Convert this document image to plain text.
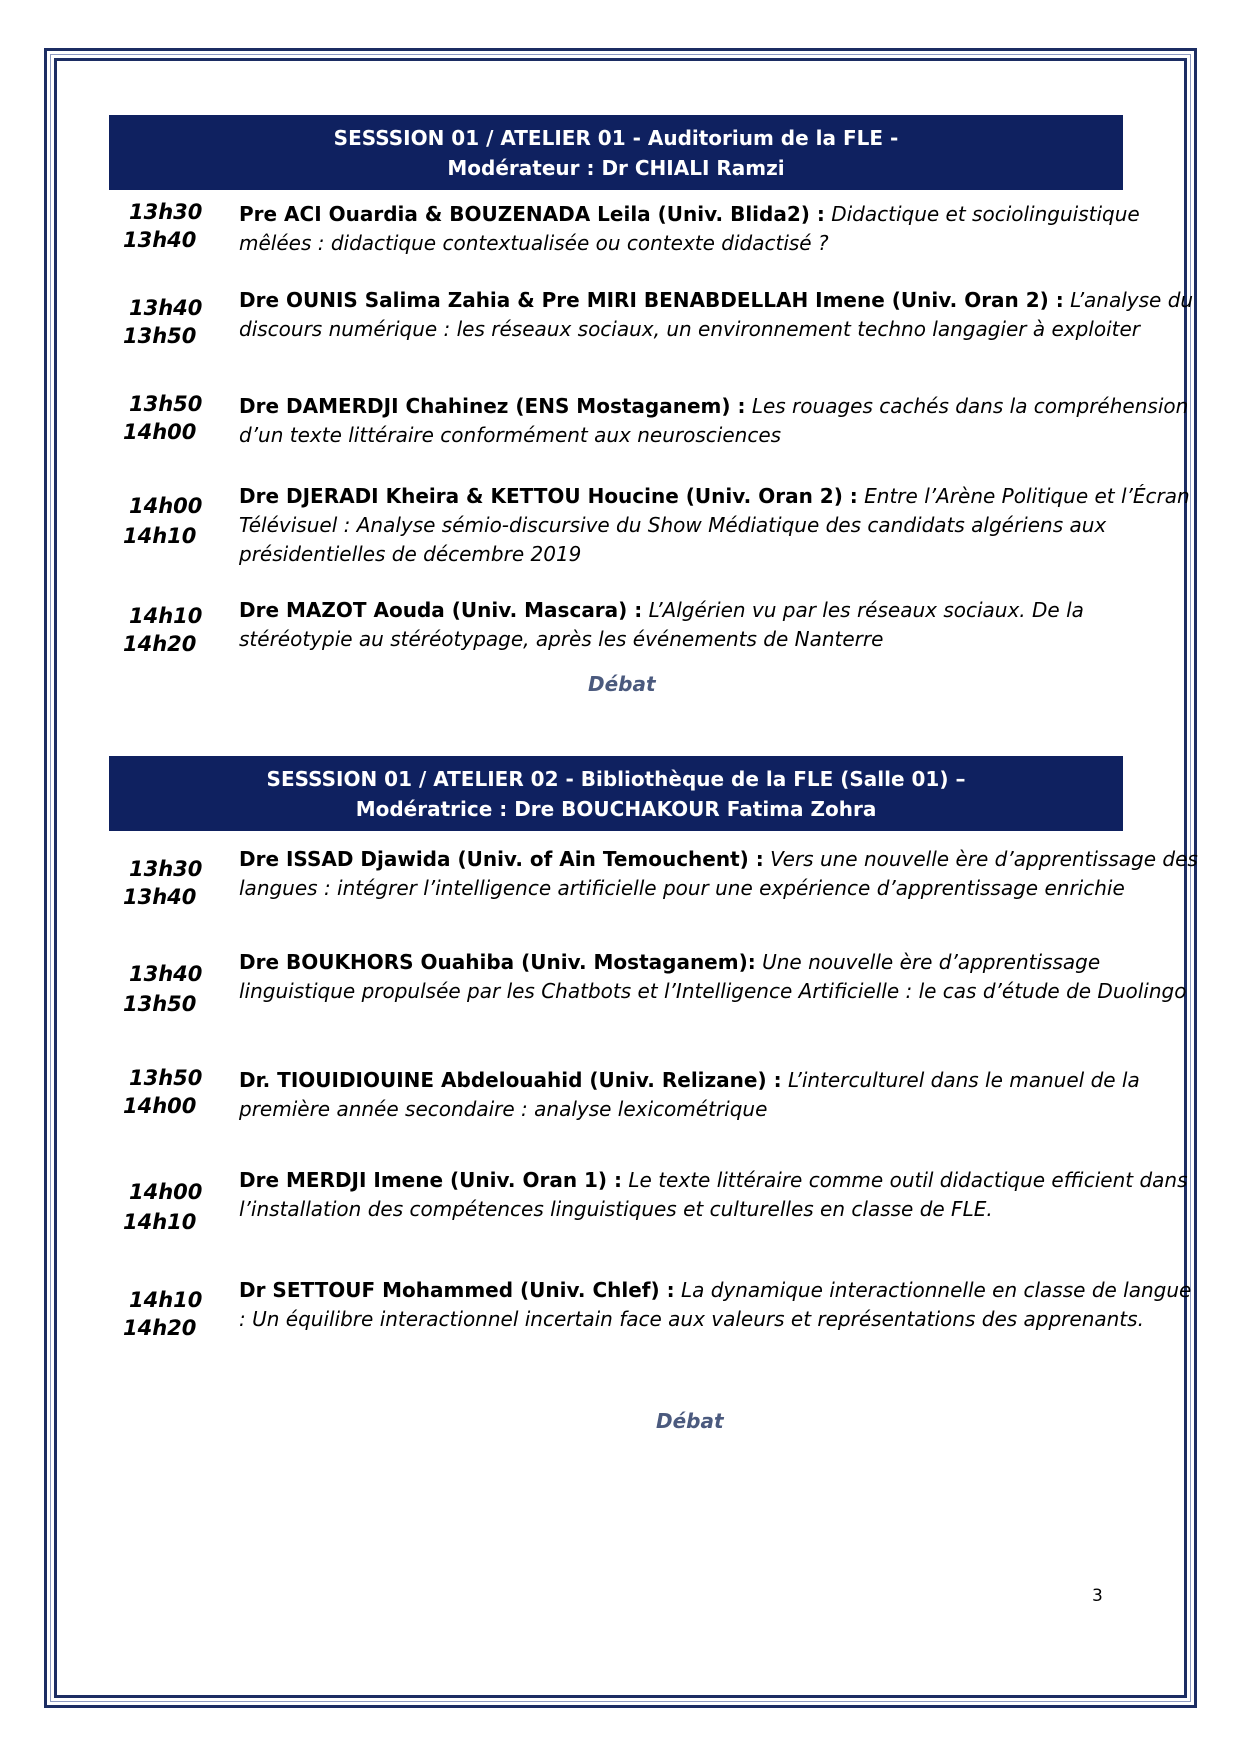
SESSSION 01 / ATELIER 01 - Auditorium de la FLE -
Modérateur : Dr CHIALI Ramzi
13h30
13h40
Pre ACI Ouardia & BOUZENADA Leila (Univ. Blida2) : Didactique et sociolinguistique mêlées : didactique contextualisée ou contexte didactisé ?
13h40
13h50
Dre OUNIS Salima Zahia & Pre MIRI BENABDELLAH Imene (Univ. Oran 2) : L’analyse du discours numérique : les réseaux sociaux, un environnement techno langagier à exploiter
13h50
14h00
Dre DAMERDJI Chahinez (ENS Mostaganem) : Les rouages cachés dans la compréhension d’un texte littéraire conformément aux neurosciences
14h00
14h10
Dre DJERADI Kheira & KETTOU Houcine (Univ. Oran 2) : Entre l’Arène Politique et l’Écran Télévisuel : Analyse sémio-discursive du Show Médiatique des candidats algériens aux présidentielles de décembre 2019
14h10
14h20
Dre MAZOT Aouda (Univ. Mascara) : L’Algérien vu par les réseaux sociaux. De la stéréotypie au stéréotypage, après les événements de Nanterre
Débat
SESSSION 01 / ATELIER 02 - Bibliothèque de la FLE (Salle 01) –
Modératrice : Dre BOUCHAKOUR Fatima Zohra
13h30
13h40
Dre ISSAD Djawida (Univ. of Ain Temouchent) : Vers une nouvelle ère d’apprentissage des langues : intégrer l’intelligence artificielle pour une expérience d’apprentissage enrichie
13h40
13h50
Dre BOUKHORS Ouahiba (Univ. Mostaganem): Une nouvelle ère d’apprentissage linguistique propulsée par les Chatbots et l’Intelligence Artificielle : le cas d’étude de Duolingo
13h50
14h00
Dr. TIOUIDIOUINE Abdelouahid (Univ. Relizane) : L’interculturel dans le manuel de la première année secondaire : analyse lexicométrique
14h00
14h10
Dre MERDJI Imene (Univ. Oran 1) : Le texte littéraire comme outil didactique efficient dans l’installation des compétences linguistiques et culturelles en classe de FLE.
14h10
14h20
Dr SETTOUF Mohammed (Univ. Chlef) : La dynamique interactionnelle en classe de langue : Un équilibre interactionnel incertain face aux valeurs et représentations des apprenants.
Débat
3
